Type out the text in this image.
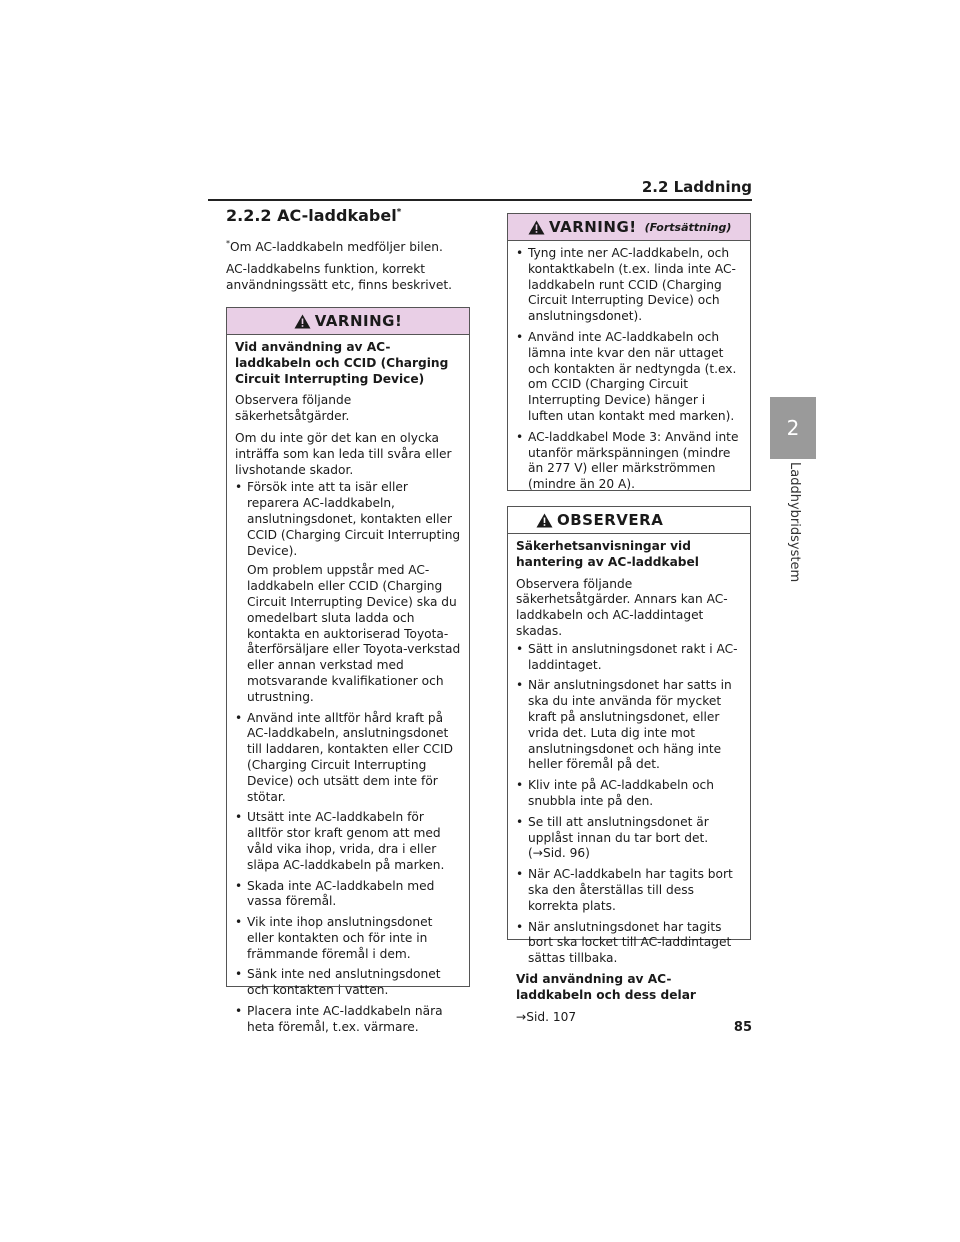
2.2 Laddning
2.2.2 AC-laddkabel*

*Om AC-laddkabeln medföljer bilen.

AC-laddkabelns funktion, korrekt användningssätt etc, finns beskrivet.

VARNING!

Vid användning av AC-laddkabeln och CCID (Charging Circuit Interrupting Device)

Observera följande säkerhetsåtgärder.

Om du inte gör det kan en olycka inträffa som kan leda till svåra eller livshotande skador.

• Försök inte att ta isär eller reparera AC-laddkabeln, anslutningsdonet, kontakten eller CCID (Charging Circuit Interrupting Device).

Om problem uppstår med AC-laddkabeln eller CCID (Charging Circuit Interrupting Device) ska du omedelbart sluta ladda och kontakta en auktoriserad Toyota-återförsäljare eller Toyota-verkstad eller annan verkstad med motsvarande kvalifikationer och utrustning.

• Använd inte alltför hård kraft på AC-laddkabeln, anslutningsdonet till laddaren, kontakten eller CCID (Charging Circuit Interrupting Device) och utsätt dem inte för stötar.
• Utsätt inte AC-laddkabeln för alltför stor kraft genom att med våld vika ihop, vrida, dra i eller släpa AC-laddkabeln på marken.
• Skada inte AC-laddkabeln med vassa föremål.
• Vik inte ihop anslutningsdonet eller kontakten och för inte in främmande föremål i dem.
• Sänk inte ned anslutningsdonet och kontakten i vatten.
• Placera inte AC-laddkabeln nära heta föremål, t.ex. värmare.
VARNING! (Fortsättning)
• Tyng inte ner AC-laddkabeln, och kontaktkabeln (t.ex. linda inte AC-laddkabeln runt CCID (Charging Circuit Interrupting Device) och anslutningsdonet).
• Använd inte AC-laddkabeln och lämna inte kvar den när uttaget och kontakten är nedtyngda (t.ex. om CCID (Charging Circuit Interrupting Device) hänger i luften utan kontakt med marken).
• AC-laddkabel Mode 3: Använd inte utanför märkspänningen (mindre än 277 V) eller märkströmmen (mindre än 20 A).
OBSERVERA

Säkerhetsanvisningar vid hantering av AC-laddkabel

Observera följande säkerhetsåtgärder. Annars kan AC-laddkabeln och AC-laddintaget skadas.

• Sätt in anslutningsdonet rakt i AC-laddintaget.
• När anslutningsdonet har satts in ska du inte använda för mycket kraft på anslutningsdonet, eller vrida det. Luta dig inte mot anslutningsdonet och häng inte heller föremål på det.
• Kliv inte på AC-laddkabeln och snubbla inte på den.
• Se till att anslutningsdonet är upplåst innan du tar bort det. (→Sid. 96)
• När AC-laddkabeln har tagits bort ska den återställas till dess korrekta plats.
• När anslutningsdonet har tagits bort ska locket till AC-laddintaget sättas tillbaka.

Vid användning av AC-laddkabeln och dess delar

→Sid. 107

2
Laddhybridsystem
85
